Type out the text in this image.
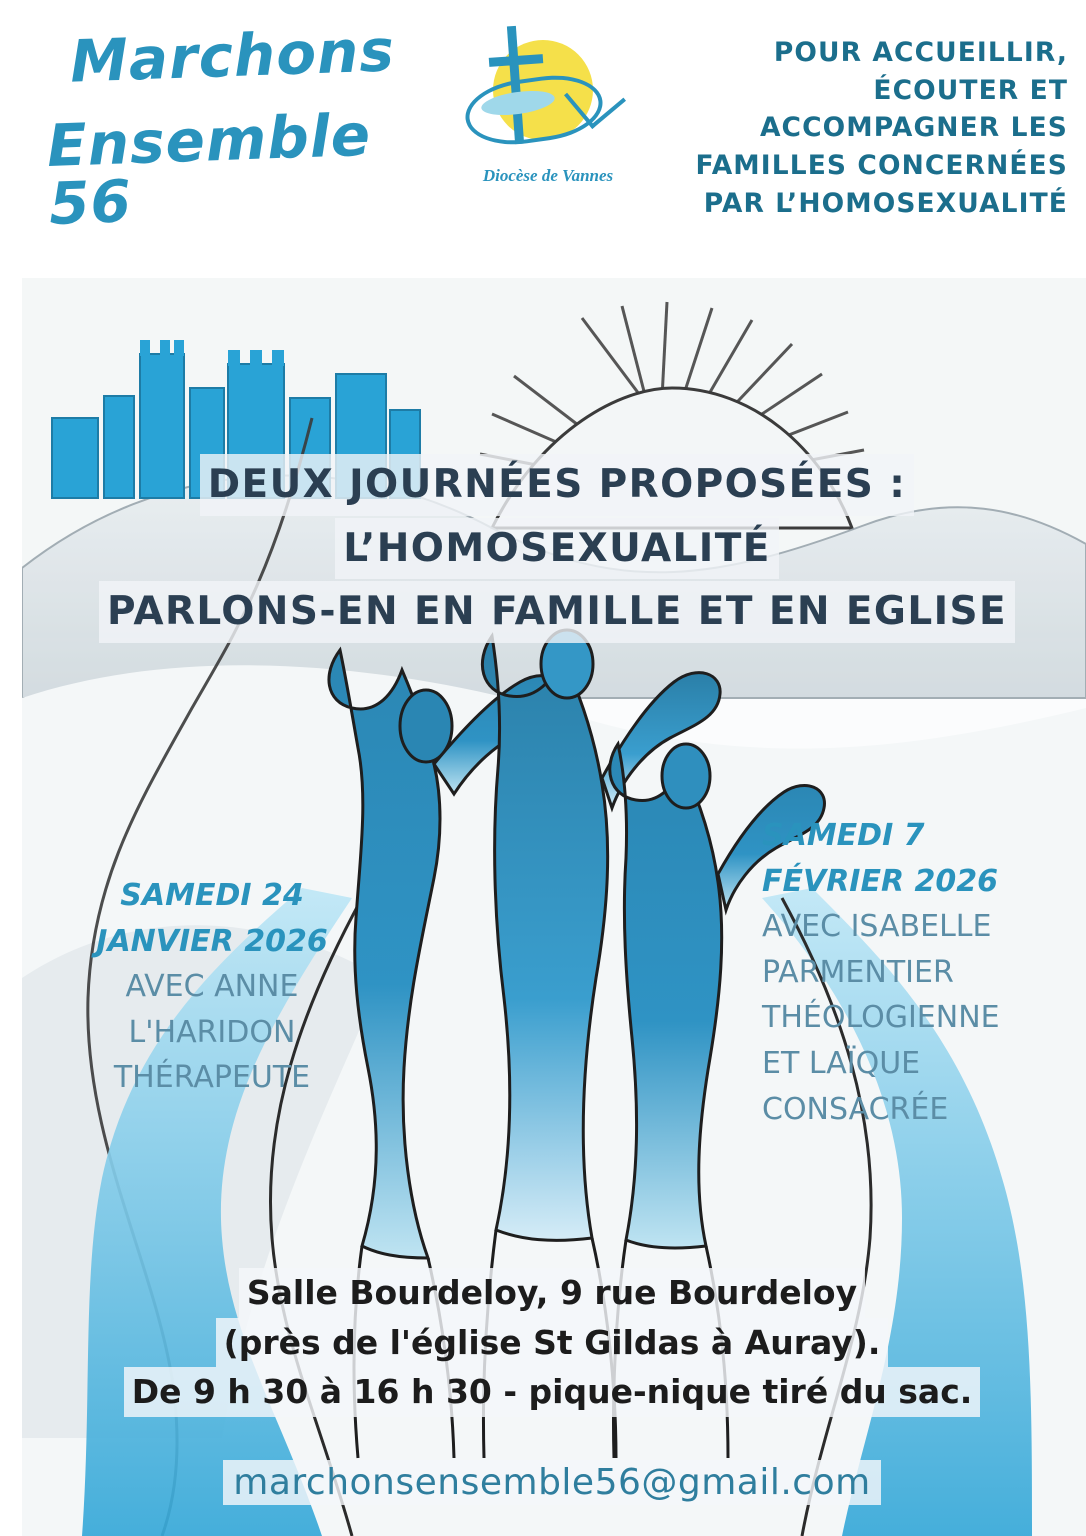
Marchons
Ensemble 56	Diocèse de Vannes
POUR ACCUEILLIR,
ÉCOUTER ET
ACCOMPAGNER LES
FAMILLES CONCERNÉES
PAR L’HOMOSEXUALITÉ
DEUX JOURNÉES PROPOSÉES :
L’HOMOSEXUALITÉ
PARLONS-EN EN FAMILLE ET EN EGLISE
SAMEDI 24
JANVIER 2026
AVEC ANNE
L'HARIDON
THÉRAPEUTE
SAMEDI 7
FÉVRIER 2026
AVEC ISABELLE
PARMENTIER
THÉOLOGIENNE
ET LAÏQUE
CONSACRÉE
Salle Bourdeloy, 9 rue Bourdeloy
(près de l'église St Gildas à Auray).
De 9 h 30 à 16 h 30 - pique-nique tiré du sac.
marchonsensemble56@gmail.com
